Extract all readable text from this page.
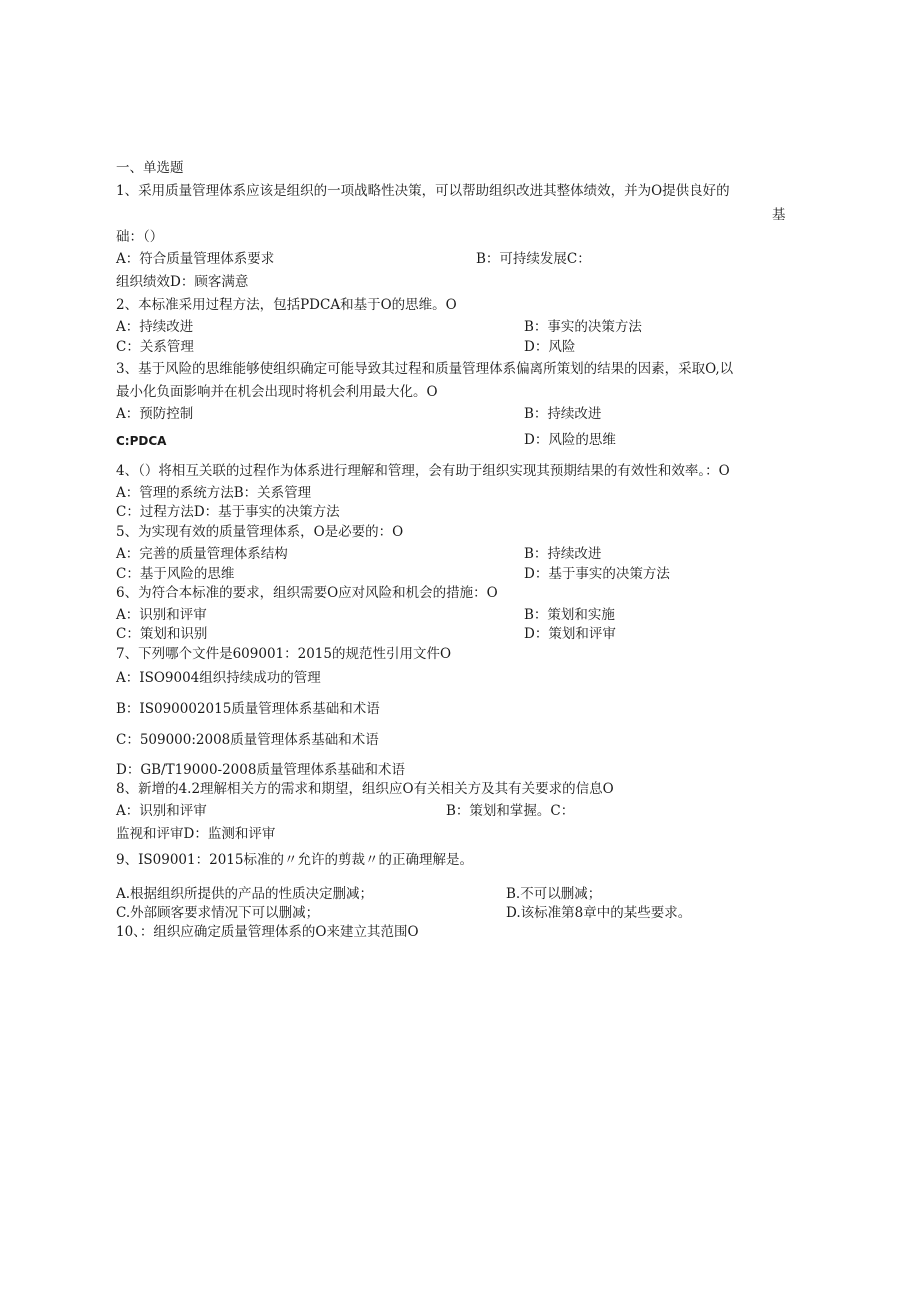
一、单选题
1、采用质量管理体系应该是组织的一项战略性决策，可以帮助组织改进其整体绩效，并为O提供良好的
基
础：（）
A：符合质量管理体系要求	B：可持续发展C：
组织绩效D：顾客满意
2、本标准采用过程方法，包括PDCA和基于O的思维。O
A：持续改进	B：事实的决策方法
C：关系管理	D：风险
3、基于风险的思维能够使组织确定可能导致其过程和质量管理体系偏离所策划的结果的因素，采取O,以
最小化负面影响并在机会出现时将机会利用最大化。O
A：预防控制	B：持续改进
C:PDCA	D：风险的思维
4、（）将相互关联的过程作为体系进行理解和管理，会有助于组织实现其预期结果的有效性和效率。：O
A：管理的系统方法B：关系管理
C：过程方法D：基于事实的决策方法
5、为实现有效的质量管理体系，O是必要的：O
A：完善的质量管理体系结构	B：持续改进
C：基于风险的思维	D：基于事实的决策方法
6、为符合本标准的要求，组织需要O应对风险和机会的措施：O
A：识别和评审	B：策划和实施
C：策划和识别	D：策划和评审
7、下列哪个文件是609001：2015的规范性引用文件O
A：ISO9004组织持续成功的管理
B：IS090002015质量管理体系基础和术语
C：509000:2008质量管理体系基础和术语
D：GB/T19000-2008质量管理体系基础和术语
8、新增的4.2理解相关方的需求和期望，组织应O有关相关方及其有关要求的信息O
A：识别和评审	B：策划和掌握。C：
监视和评审D：监测和评审
9、IS09001：2015标准的〃允许的剪裁〃的正确理解是。
A.根据组织所提供的产品的性质决定删减；	B.不可以删减；
C.外部顾客要求情况下可以删减；	D.该标准第8章中的某些要求。
10、：组织应确定质量管理体系的O来建立其范围O
